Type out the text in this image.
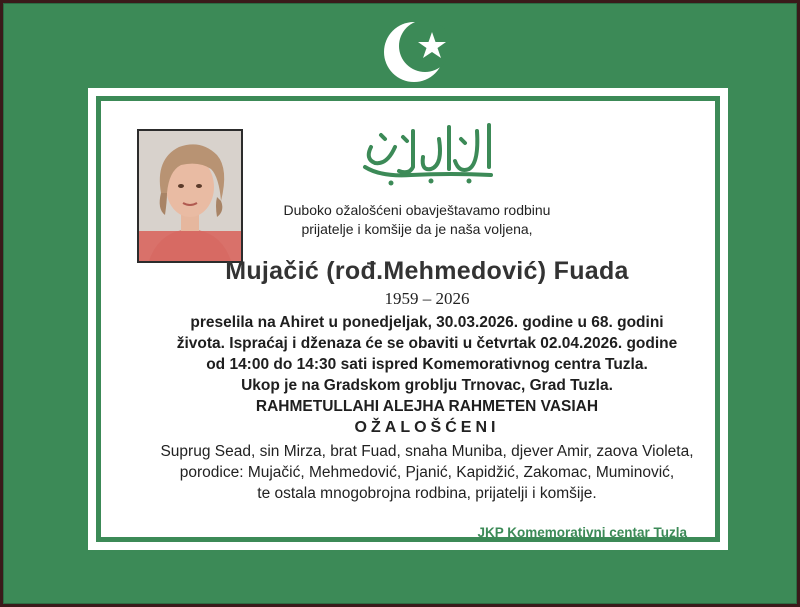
Duboko ožalošćeni obavještavamo rodbinu
prijatelje i komšije da je naša voljena,
Mujačić (rođ.Mehmedović) Fuada
1959 – 2026
preselila na Ahiret u ponedjeljak, 30.03.2026. godine u 68. godini
života. Ispraćaj i dženaza će se obaviti u četvrtak 02.04.2026. godine
od 14:00 do 14:30 sati ispred Komemorativnog centra Tuzla.
Ukop je na Gradskom groblju Trnovac, Grad Tuzla.
RAHMETULLAHI ALEJHA RAHMETEN VASIAH
OŽALOŠĆENI
Suprug Sead, sin Mirza, brat Fuad, snaha Muniba, djever Amir, zaova Violeta,
porodice: Mujačić, Mehmedović, Pjanić, Kapidžić, Zakomac, Muminović,
te ostala mnogobrojna rodbina, prijatelji i komšije.
JKP Komemorativni centar Tuzla
